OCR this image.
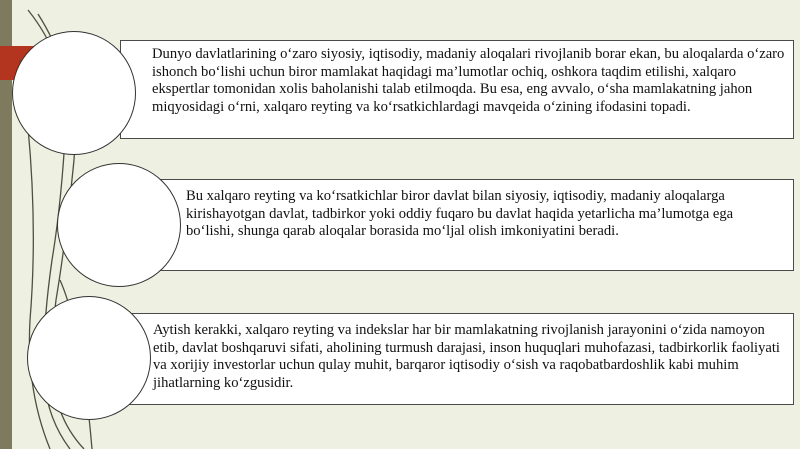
Dunyo davlatlarining o‘zaro siyosiy, iqtisodiy, madaniy aloqalari rivojlanib borar ekan, bu aloqalarda o‘zaro ishonch bo‘lishi uchun biror mamlakat haqidagi ma’lumotlar ochiq, oshkora taqdim etilishi, xalqaro ekspertlar tomonidan xolis baholanishi talab etilmoqda. Bu esa, eng avvalo, o‘sha mamlakatning jahon miqyosidagi o‘rni, xalqaro reyting va ko‘rsatkichlardagi mavqeida o‘zining ifodasini topadi.

Bu xalqaro reyting va ko‘rsatkichlar biror davlat bilan siyosiy, iqtisodiy, madaniy aloqalarga kirishayotgan davlat, tadbirkor yoki oddiy fuqaro bu davlat haqida yetarlicha ma’lumotga ega bo‘lishi, shunga qarab aloqalar borasida mo‘ljal olish imkoniyatini beradi.

Aytish kerakki, xalqaro reyting va indekslar har bir mamlakatning rivojlanish jarayonini o‘zida namoyon etib, davlat boshqaruvi sifati, aholining turmush darajasi, inson huquqlari muhofazasi, tadbirkorlik faoliyati va xorijiy investorlar uchun qulay muhit, barqaror iqtisodiy o‘sish va raqobatbardoshlik kabi muhim jihatlarning ko‘zgusidir.
